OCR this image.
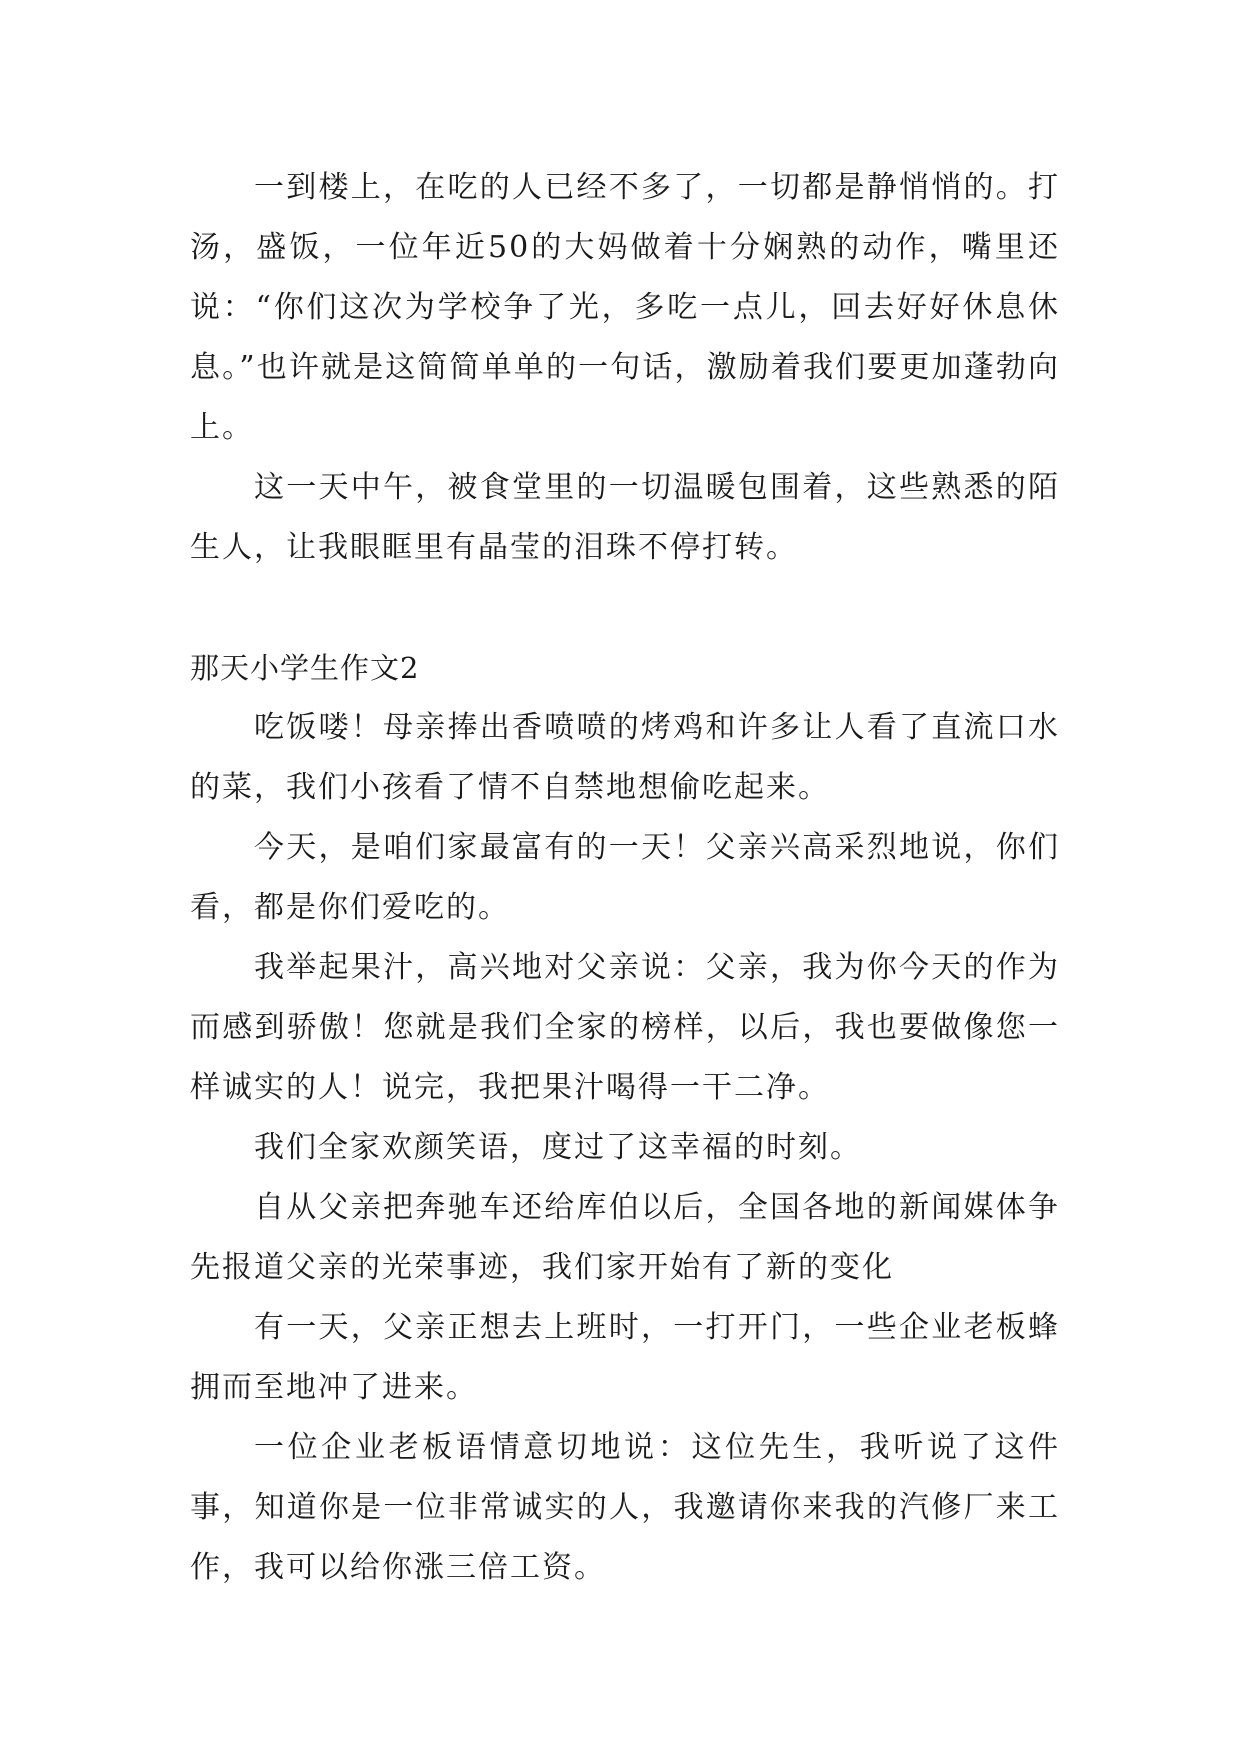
一到楼上，在吃的人已经不多了，一切都是静悄悄的。打汤，盛饭，一位年近50的大妈做着十分娴熟的动作，嘴里还说：“你们这次为学校争了光，多吃一点儿，回去好好休息休息。”也许就是这简简单单的一句话，激励着我们要更加蓬勃向上。

这一天中午，被食堂里的一切温暖包围着，这些熟悉的陌生人，让我眼眶里有晶莹的泪珠不停打转。

那天小学生作文2

吃饭喽！母亲捧出香喷喷的烤鸡和许多让人看了直流口水的菜，我们小孩看了情不自禁地想偷吃起来。

今天，是咱们家最富有的一天！父亲兴高采烈地说，你们看，都是你们爱吃的。

我举起果汁，高兴地对父亲说：父亲，我为你今天的作为而感到骄傲！您就是我们全家的榜样，以后，我也要做像您一样诚实的人！说完，我把果汁喝得一干二净。

我们全家欢颜笑语，度过了这幸福的时刻。

自从父亲把奔驰车还给库伯以后，全国各地的新闻媒体争先报道父亲的光荣事迹，我们家开始有了新的变化

有一天，父亲正想去上班时，一打开门，一些企业老板蜂拥而至地冲了进来。

一位企业老板语情意切地说：这位先生，我听说了这件事，知道你是一位非常诚实的人，我邀请你来我的汽修厂来工作，我可以给你涨三倍工资。
